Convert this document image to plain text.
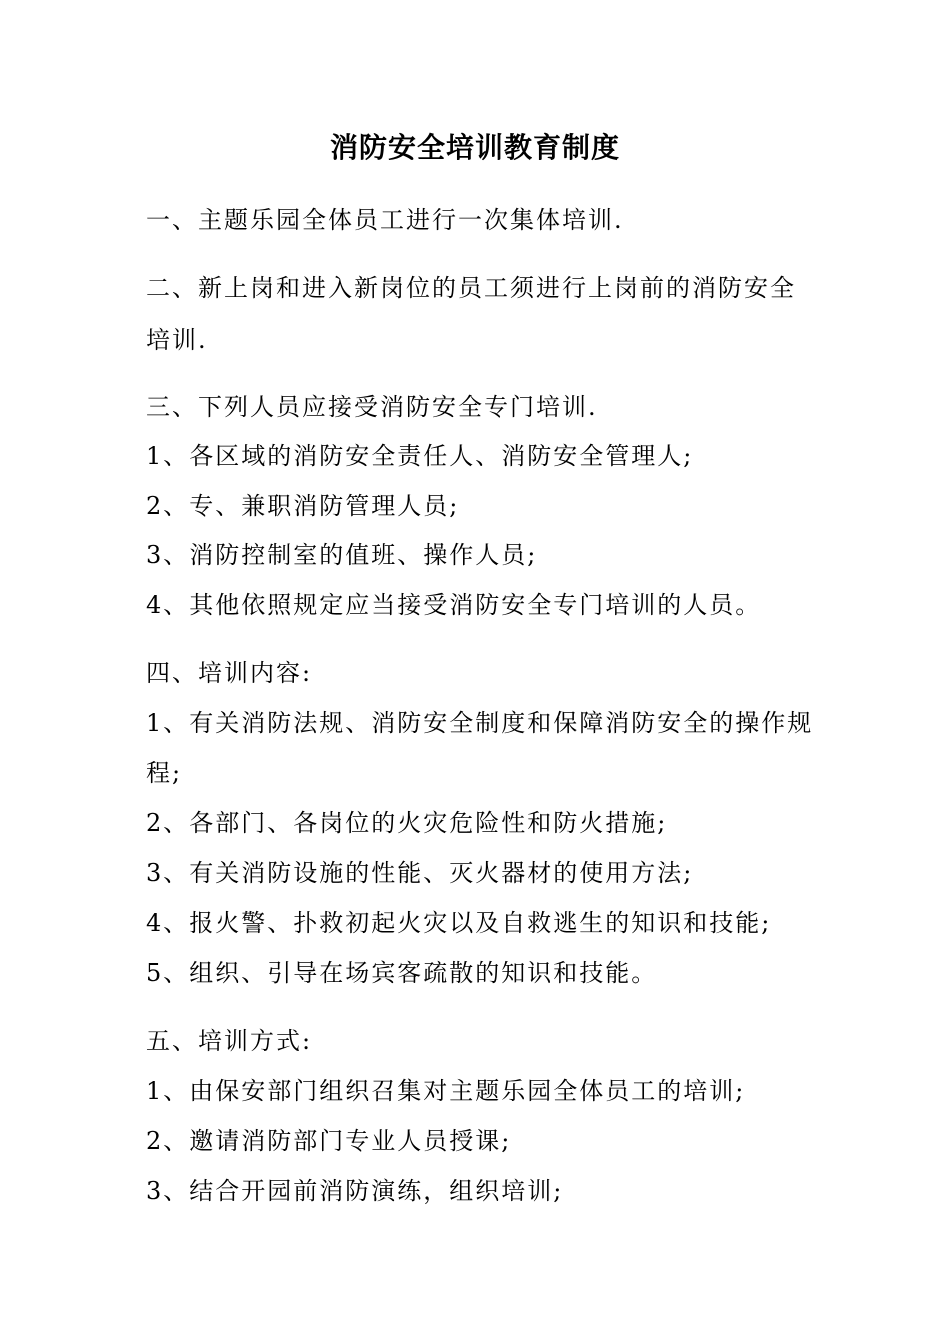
消防安全培训教育制度

一、主题乐园全体员工进行一次集体培训.

二、新上岗和进入新岗位的员工须进行上岗前的消防安全

培训.

三、下列人员应接受消防安全专门培训.

1、各区域的消防安全责任人、消防安全管理人;

2、专、兼职消防管理人员;

3、消防控制室的值班、操作人员;

4、其他依照规定应当接受消防安全专门培训的人员。

四、培训内容:

1、有关消防法规、消防安全制度和保障消防安全的操作规

程;

2、各部门、各岗位的火灾危险性和防火措施;

3、有关消防设施的性能、灭火器材的使用方法;

4、报火警、扑救初起火灾以及自救逃生的知识和技能;

5、组织、引导在场宾客疏散的知识和技能。

五、培训方式:

1、由保安部门组织召集对主题乐园全体员工的培训;

2、邀请消防部门专业人员授课;

3、结合开园前消防演练，组织培训;
